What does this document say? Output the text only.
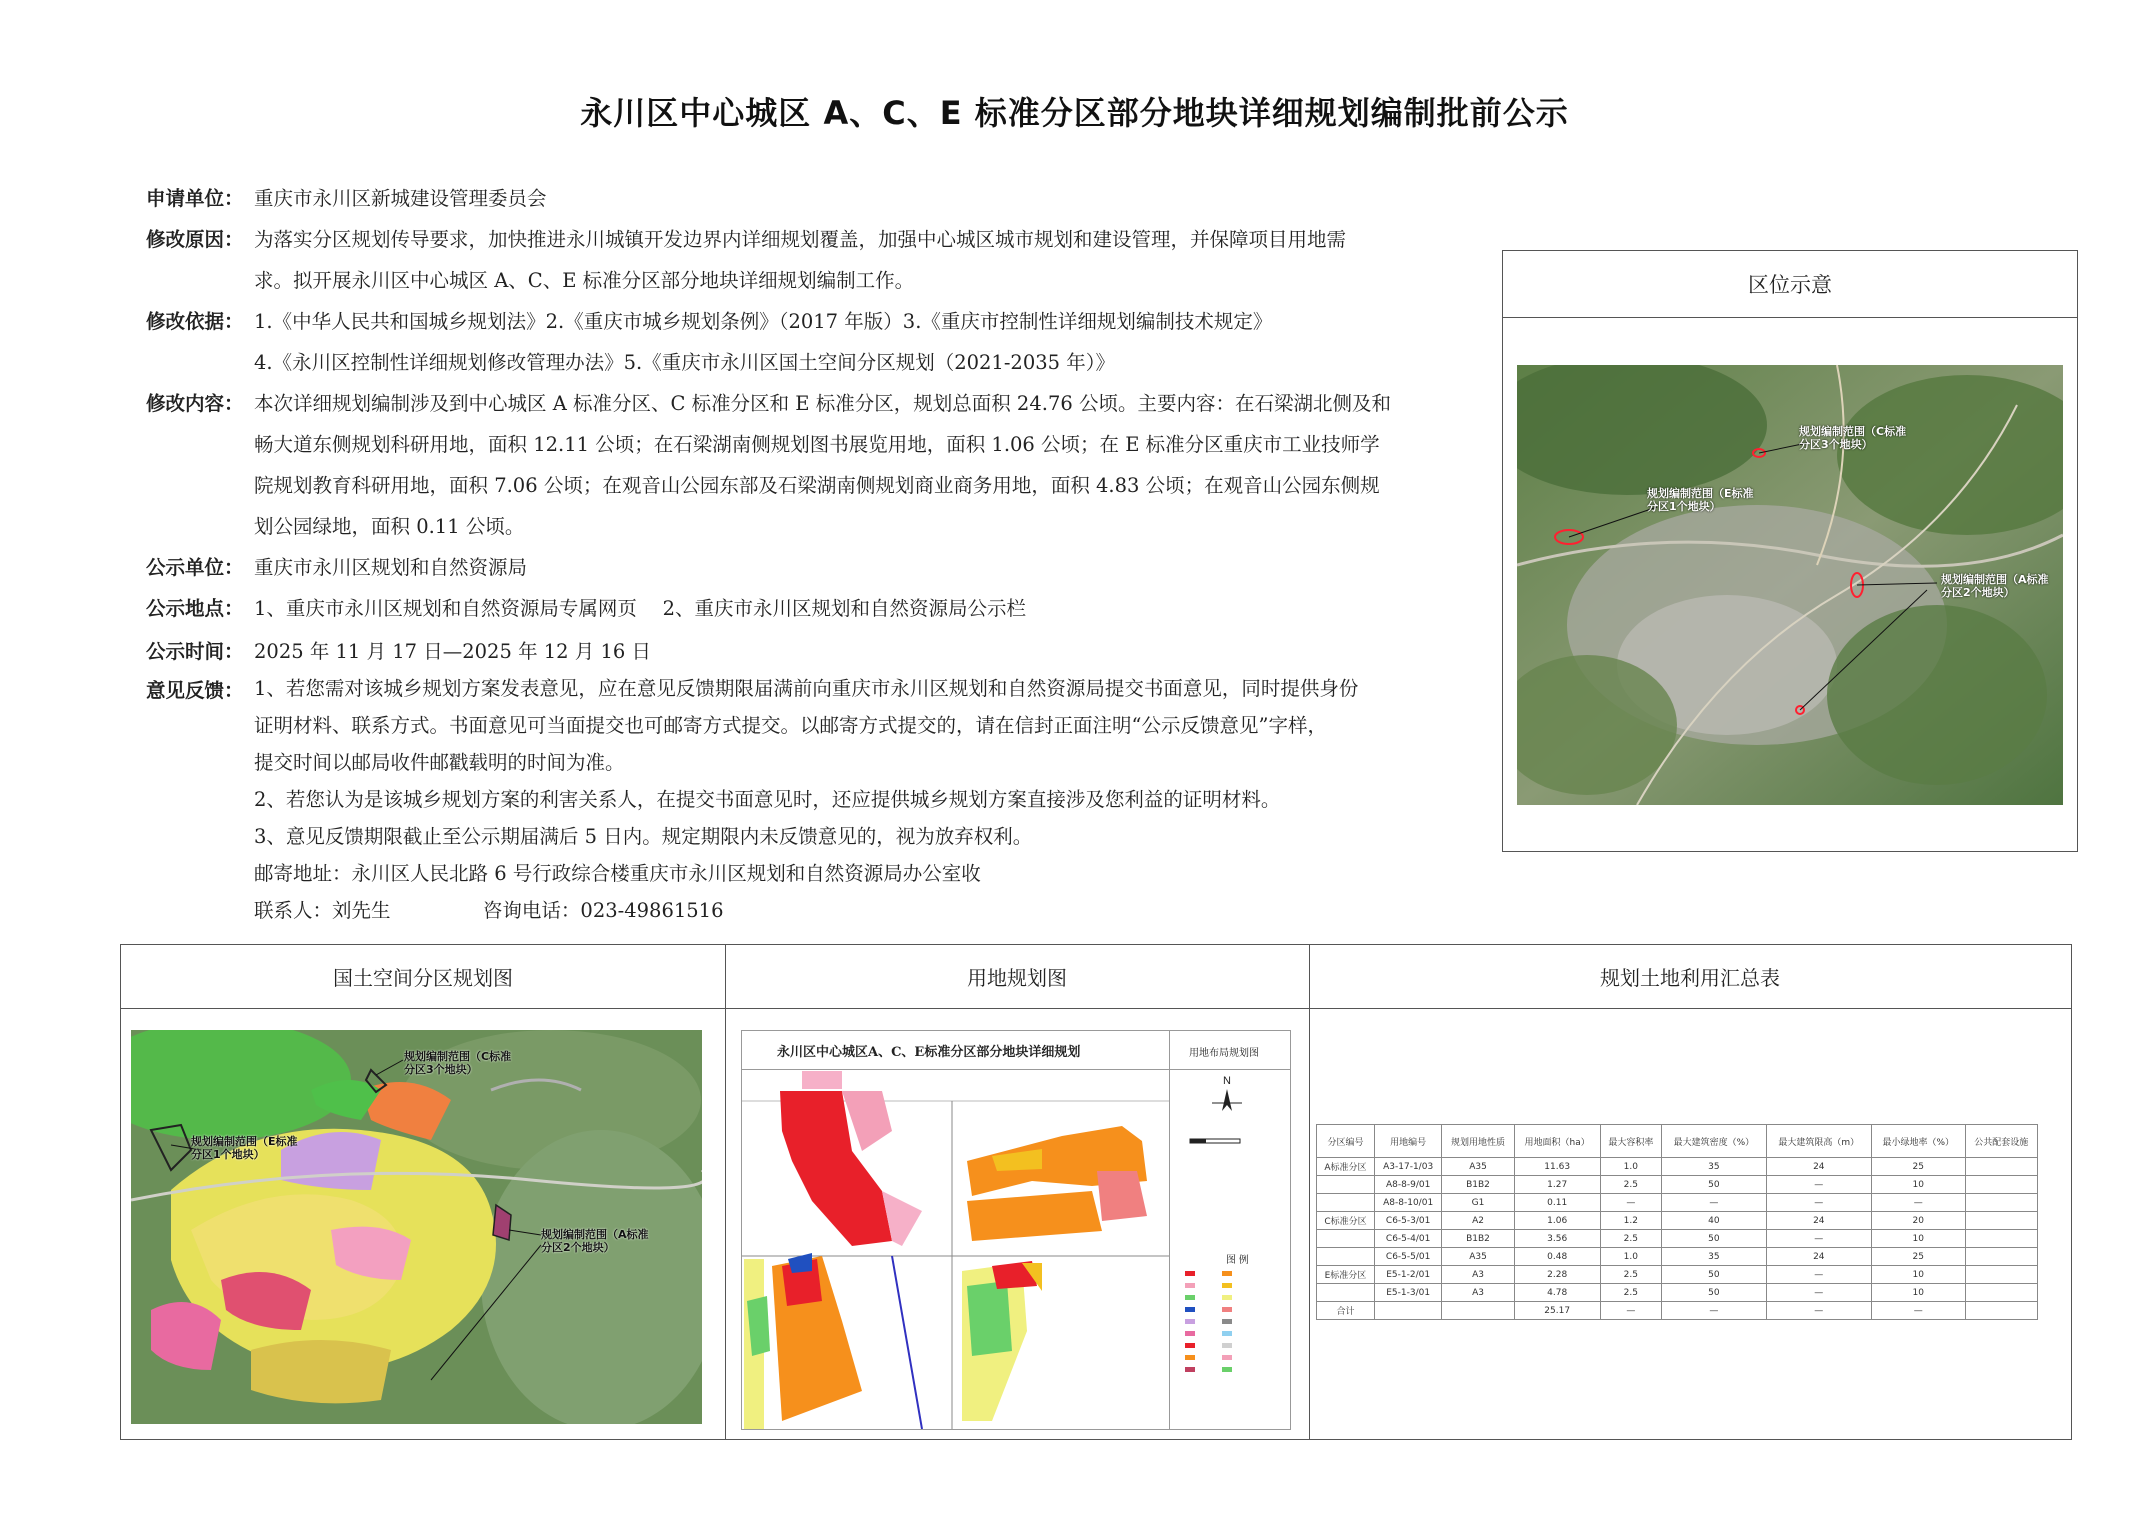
永川区中心城区 A、C、E 标准分区部分地块详细规划编制批前公示
申请单位： 重庆市永川区新城建设管理委员会
修改原因： 为落实分区规划传导要求，加快推进永川城镇开发边界内详细规划覆盖，加强中心城区城市规划和建设管理，并保障项目用地需
求。拟开展永川区中心城区 A、C、E 标准分区部分地块详细规划编制工作。
修改依据： 1.《中华人民共和国城乡规划法》2.《重庆市城乡规划条例》（2017 年版）3.《重庆市控制性详细规划编制技术规定》
4.《永川区控制性详细规划修改管理办法》5.《重庆市永川区国土空间分区规划（2021-2035 年）》
修改内容： 本次详细规划编制涉及到中心城区 A 标准分区、C 标准分区和 E 标准分区，规划总面积 24.76 公顷。主要内容：在石梁湖北侧及和
畅大道东侧规划科研用地，面积 12.11 公顷；在石梁湖南侧规划图书展览用地，面积 1.06 公顷；在 E 标准分区重庆市工业技师学
院规划教育科研用地，面积 7.06 公顷；在观音山公园东部及石梁湖南侧规划商业商务用地，面积 4.83 公顷；在观音山公园东侧规
划公园绿地，面积 0.11 公顷。
公示单位： 重庆市永川区规划和自然资源局
公示地点： 1、重庆市永川区规划和自然资源局专属网页　 2、重庆市永川区规划和自然资源局公示栏
公示时间： 2025 年 11 月 17 日—2025 年 12 月 16 日
意见反馈： 1、若您需对该城乡规划方案发表意见，应在意见反馈期限届满前向重庆市永川区规划和自然资源局提交书面意见，同时提供身份
证明材料、联系方式。书面意见可当面提交也可邮寄方式提交。以邮寄方式提交的，请在信封正面注明“公示反馈意见”字样，
提交时间以邮局收件邮戳载明的时间为准。
2、若您认为是该城乡规划方案的利害关系人，在提交书面意见时，还应提供城乡规划方案直接涉及您利益的证明材料。
3、意见反馈期限截止至公示期届满后 5 日内。规定期限内未反馈意见的，视为放弃权利。
邮寄地址：永川区人民北路 6 号行政综合楼重庆市永川区规划和自然资源局办公室收
联系人：刘先生	咨询电话：023-49861516
区位示意
规划编制范围（C标准分区3个地块）
规划编制范围（E标准分区1个地块）
规划编制范围（A标准分区2个地块）
国土空间分区规划图	用地规划图	规划土地利用汇总表
规划编制范围（C标准分区3个地块）
规划编制范围（E标准分区1个地块）
规划编制范围（A标准分区2个地块）
永川区中心城区A、C、E标准分区部分地块详细规划	用地布局规划图
N
图 例
分区编号	用地编号	规划用地性质	用地面积（ha）	最大容积率	最大建筑密度（%）	最大建筑限高（m）	最小绿地率（%）	公共配套设施
A标准分区	A3-17-1/03	A35	11.63	1.0	35	24	25	
	A8-8-9/01	B1B2	1.27	2.5	50	—	10	
	A8-8-10/01	G1	0.11	—	—	—	—	
C标准分区	C6-5-3/01	A2	1.06	1.2	40	24	20	
	C6-5-4/01	B1B2	3.56	2.5	50	—	10	
	C6-5-5/01	A35	0.48	1.0	35	24	25	
E标准分区	E5-1-2/01	A3	2.28	2.5	50	—	10	
	E5-1-3/01	A3	4.78	2.5	50	—	10	
合计			25.17	—	—	—	—	
